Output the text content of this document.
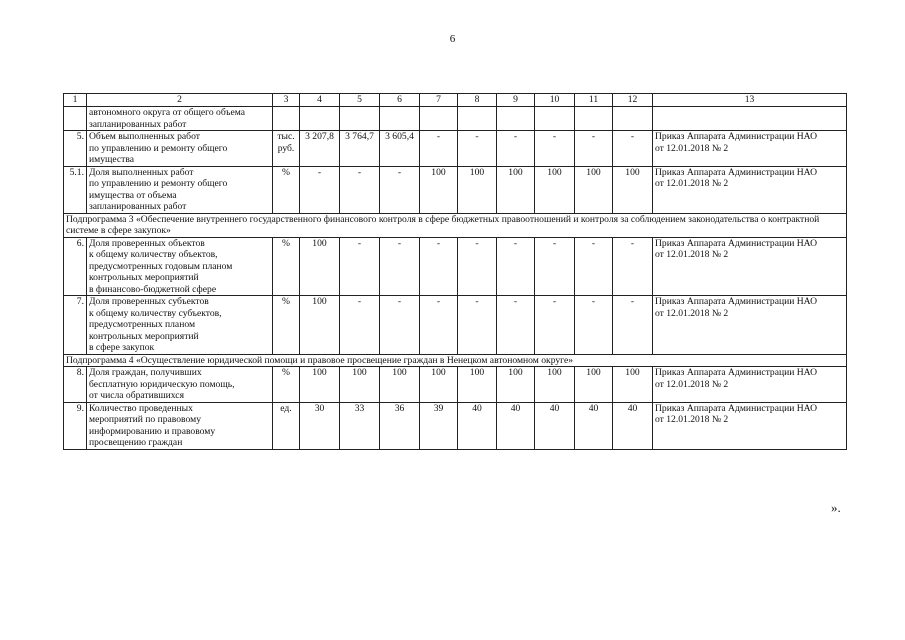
6
1	2	3	4	5	6	7	8	9	10	11	12	13
	автономного округа от общего объема
запланированных работ											
5.	Объем выполненных работ
по управлению и ремонту общего
имущества	тыс.
руб.	3 207,8	3 764,7	3 605,4	-	-	-	-	-	-	Приказ Аппарата Администрации НАО
от 12.01.2018 № 2
5.1.	Доля выполненных работ
по управлению и ремонту общего
имущества от объема
запланированных работ	%	-	-	-	100	100	100	100	100	100	Приказ Аппарата Администрации НАО
от 12.01.2018 № 2
Подпрограмма 3 «Обеспечение внутреннего государственного финансового контроля в сфере бюджетных правоотношений и контроля за соблюдением законодательства о контрактной системе в сфере закупок»												
6.	Доля проверенных объектов
к общему количеству объектов,
предусмотренных годовым планом
контрольных мероприятий
в финансово-бюджетной сфере	%	100	-	-	-	-	-	-	-	-	Приказ Аппарата Администрации НАО
от 12.01.2018 № 2
7.	Доля проверенных субъектов
к общему количеству субъектов,
предусмотренных планом
контрольных мероприятий
в сфере закупок	%	100	-	-	-	-	-	-	-	-	Приказ Аппарата Администрации НАО
от 12.01.2018 № 2
Подпрограмма 4 «Осуществление юридической помощи и правовое просвещение граждан в Ненецком автономном округе»												
8.	Доля граждан, получивших
бесплатную юридическую помощь,
от числа обратившихся	%	100	100	100	100	100	100	100	100	100	Приказ Аппарата Администрации НАО
от 12.01.2018 № 2
9.	Количество проведенных
мероприятий по правовому
информированию и правовому
просвещению граждан	ед.	30	33	36	39	40	40	40	40	40	Приказ Аппарата Администрации НАО
от 12.01.2018 № 2
».
